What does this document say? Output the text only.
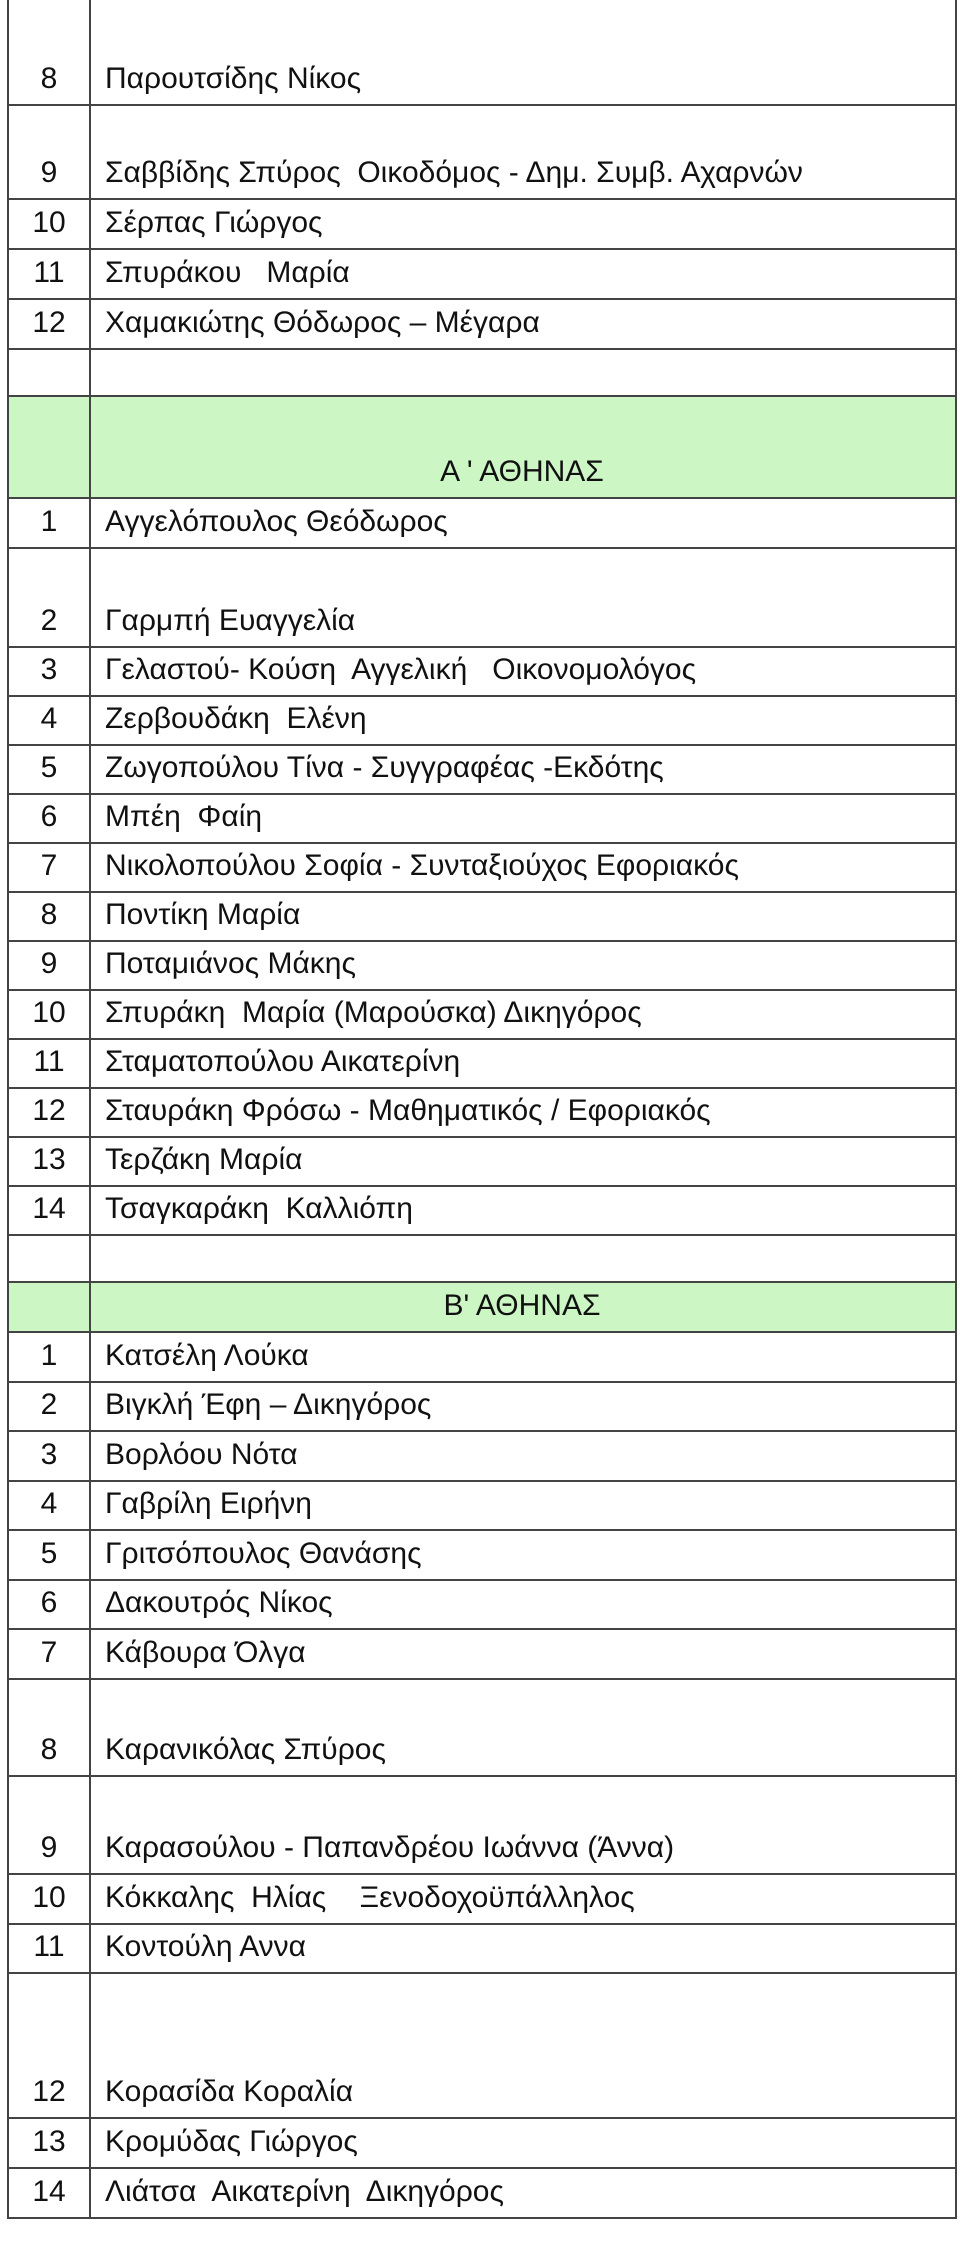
8	Παρουτσίδης Νίκος
9	Σαββίδης Σπύρος  Οικοδόμος - Δημ. Συμβ. Αχαρνών
10	Σέρπας Γιώργος
11	Σπυράκου   Μαρία
12	Χαμακιώτης Θόδωρος – Μέγαρα
Α ' ΑΘΗΝΑΣ
1	Αγγελόπουλος Θεόδωρος
2	Γαρμπή Ευαγγελία
3	Γελαστού- Κούση  Αγγελική   Οικονομολόγος
4	Ζερβουδάκη  Ελένη
5	Ζωγοπούλου Τίνα - Συγγραφέας -Εκδότης
6	Μπέη  Φαίη
7	Νικολοπούλου Σοφία - Συνταξιούχος Εφοριακός
8	Ποντίκη Μαρία
9	Ποταμιάνος Μάκης
10	Σπυράκη  Μαρία (Μαρούσκα) Δικηγόρος
11	Σταματοπούλου Αικατερίνη
12	Σταυράκη Φρόσω - Μαθηματικός / Εφοριακός
13	Τερζάκη Μαρία
14	Τσαγκαράκη  Καλλιόπη
Β' ΑΘΗΝΑΣ
1	Κατσέλη Λούκα
2	Βιγκλή Έφη – Δικηγόρος
3	Βορλόου Νότα
4	Γαβρίλη Ειρήνη
5	Γριτσόπουλος Θανάσης
6	Δακουτρός Νίκος
7	Κάβουρα Όλγα
8	Καρανικόλας Σπύρος
9	Καρασούλου - Παπανδρέου Ιωάννα (Άννα)
10	Κόκκαλης  Ηλίας    Ξενοδοχοϋπάλληλος
11	Κοντούλη Αννα
12	Κορασίδα Κοραλία
13	Κρομύδας Γιώργος
14	Λιάτσα  Αικατερίνη  Δικηγόρος
